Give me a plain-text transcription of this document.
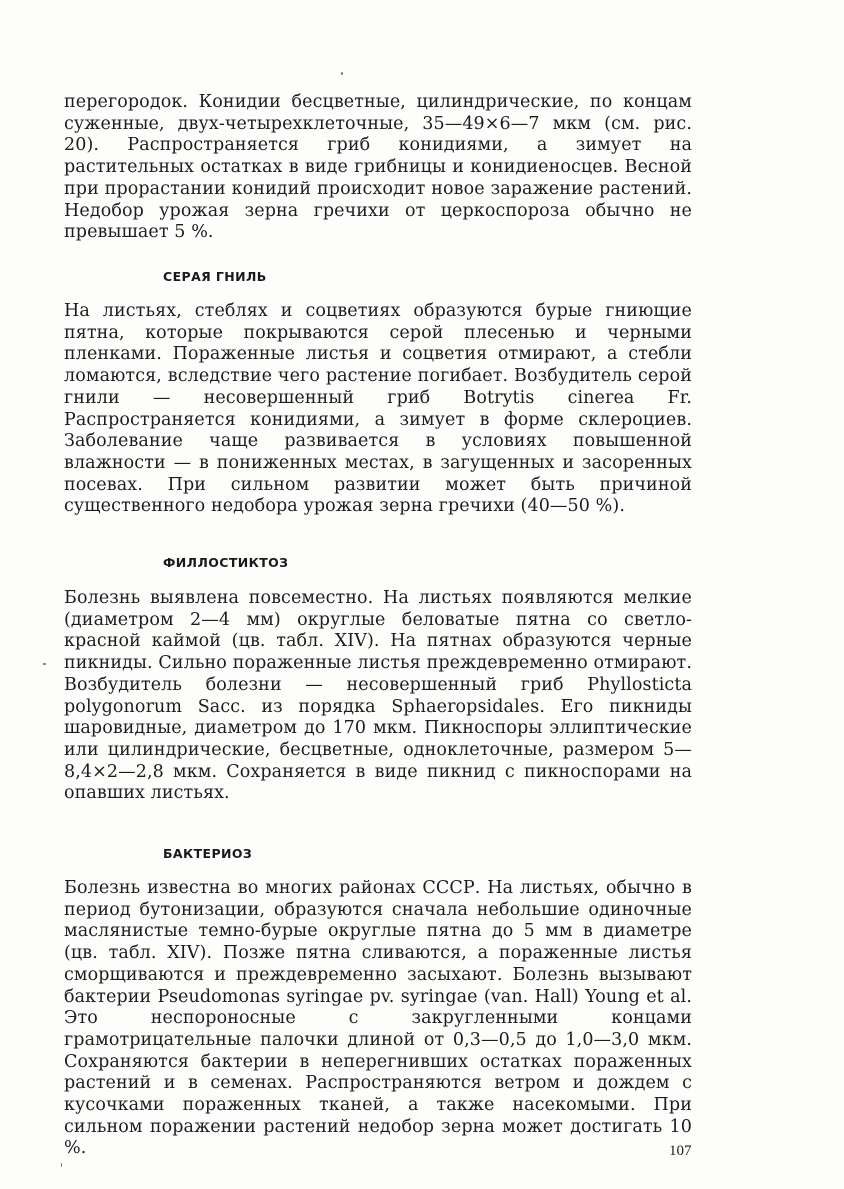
перегородок. Конидии бесцветные, цилиндрические, по концам суженные, двух-четырехклеточные, 35—49×6—7 мкм (см. рис. 20). Распространяется гриб конидиями, а зимует на растительных остатках в виде грибницы и конидиеносцев. Весной при прорастании конидий происходит новое заражение растений. Недобор урожая зерна гречихи от церкоспороза обычно не превышает 5 %.

СЕРАЯ ГНИЛЬ

На листьях, стеблях и соцветиях образуются бурые гниющие пятна, которые покрываются серой плесенью и черными пленками. Пораженные листья и соцветия отмирают, а стебли ломаются, вследствие чего растение погибает. Возбудитель серой гнили — несовершенный гриб Botrytis cinerea Fr. Распространяется конидиями, а зимует в форме склероциев. Заболевание чаще развивается в условиях повышенной влажности — в пониженных местах, в загущенных и засоренных посевах. При сильном развитии может быть причиной существенного недобора урожая зерна гречихи (40—50 %).

ФИЛЛОСТИКТОЗ

Болезнь выявлена повсеместно. На листьях появляются мелкие (диаметром 2—4 мм) округлые беловатые пятна со светло-красной каймой (цв. табл. XIV). На пятнах образуются черные пикниды. Сильно пораженные листья преждевременно отмирают. Возбудитель болезни — несовершенный гриб Phyllosticta polygonorum Sacc. из порядка Sphaeropsidales. Его пикниды шаровидные, диаметром до 170 мкм. Пикноспоры эллиптические или цилиндрические, бесцветные, одноклеточные, размером 5—8,4×2—2,8 мкм. Сохраняется в виде пикнид с пикноспорами на опавших листьях.

БАКТЕРИОЗ

Болезнь известна во многих районах СССР. На листьях, обычно в период бутонизации, образуются сначала небольшие одиночные маслянистые темно-бурые округлые пятна до 5 мм в диаметре (цв. табл. XIV). Позже пятна сливаются, а пораженные листья сморщиваются и преждевременно засыхают. Болезнь вызывают бактерии Pseudomonas syringae pv. syringae (van. Hall) Young et al. Это неспороносные с закругленными концами грамотрицательные палочки длиной от 0,3—0,5 до 1,0—3,0 мкм. Сохраняются бактерии в неперегнивших остатках пораженных растений и в семенах. Распространяются ветром и дождем с кусочками пораженных тканей, а также насекомыми. При сильном поражении растений недобор зерна может достигать 10 %.	107
